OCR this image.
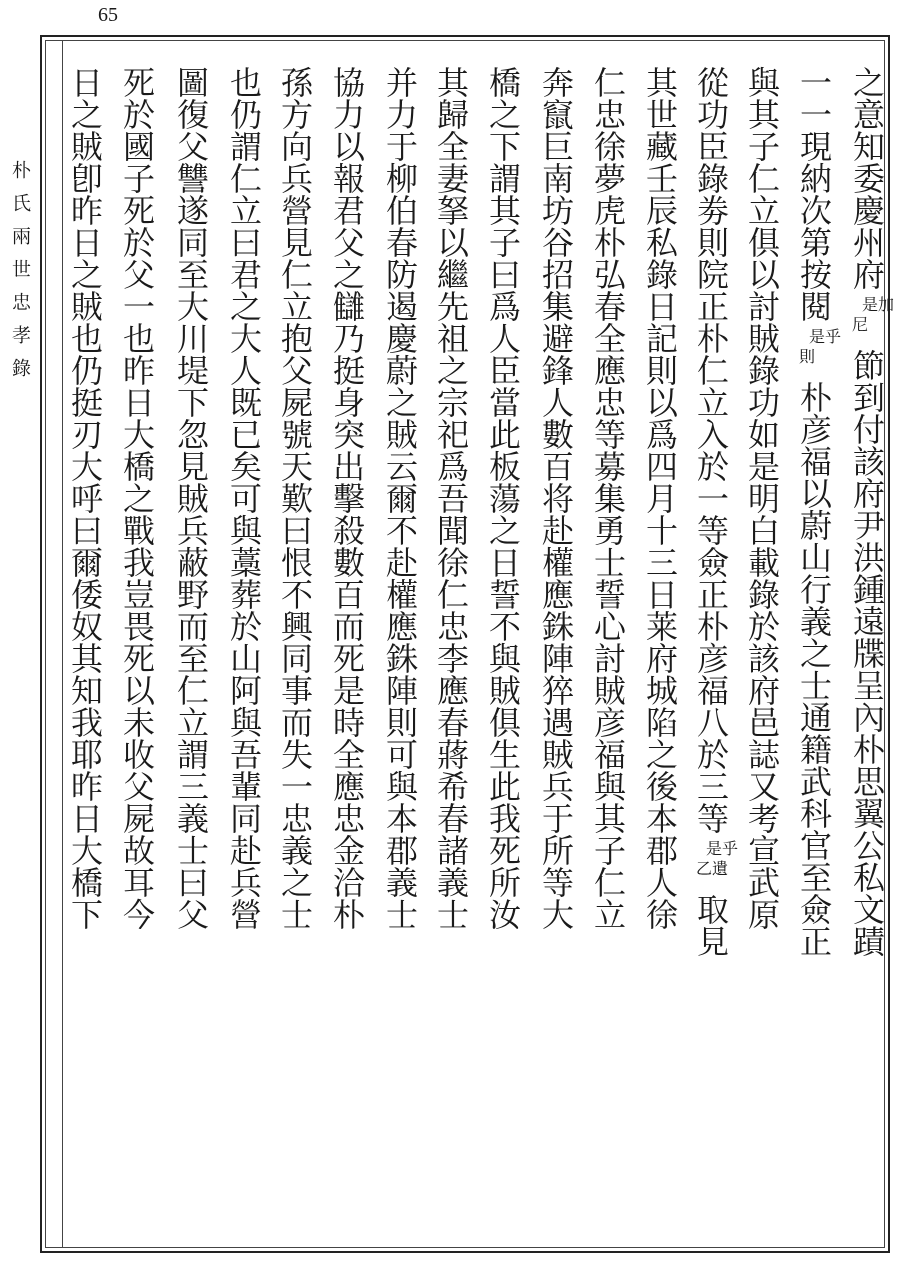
65
朴氏兩世忠孝錄	之意知委慶州府
是加
尼
節到付該府尹洪鍾遠牒呈內朴思翼公私文蹟
一一現納次第按閱
是乎
則
朴彦福以蔚山行義之士通籍武科官至僉正
與其子仁立俱以討賊錄功如是明白載錄於該府邑誌又考宣武原
從功臣錄劵則院正朴仁立入於一等僉正朴彦福八於三等
是乎
乙遺
取見
其世藏壬辰私錄日記則以爲四月十三日莱府城陷之後本郡人徐
仁忠徐夢虎朴弘春全應忠等募集勇士誓心討賊彦福與其子仁立
奔竄巨南坊谷招集避鋒人數百将赴權應銖陣猝遇賊兵于所等大
橋之下謂其子曰爲人臣當此板蕩之日誓不與賊俱生此我死所汝
其歸全妻拏以繼先祖之宗祀爲吾聞徐仁忠李應春蔣希春諸義士
并力于柳伯春防遏慶蔚之賊云爾不赴權應銖陣則可與本郡義士
協力以報君父之讎乃挺身突出擊殺數百而死是時全應忠金洽朴
孫方向兵營見仁立抱父屍號天歎曰恨不興同事而失一忠義之士
也仍謂仁立曰君之大人既已矣可與藁葬於山阿與吾輩同赴兵營
圖復父讐遂同至大川堤下忽見賊兵蔽野而至仁立謂三義士曰父
死於國子死於父一也昨日大橋之戰我豈畏死以未收父屍故耳今
日之賊卽昨日之賊也仍挺刃大呼曰爾倭奴其知我耶昨日大橋下
